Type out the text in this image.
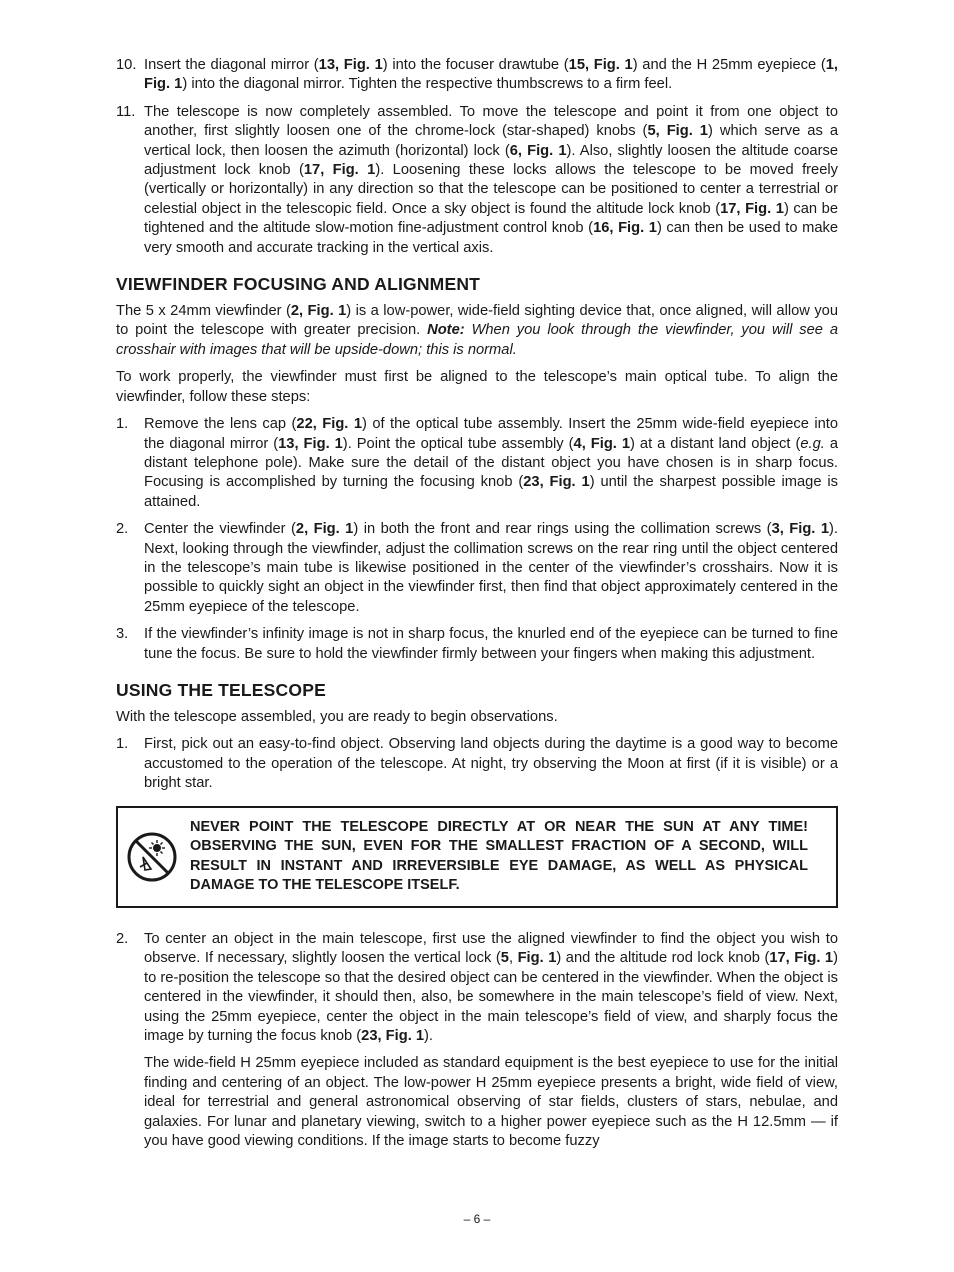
10. Insert the diagonal mirror (13, Fig. 1) into the focuser drawtube (15, Fig. 1) and the H 25mm eyepiece (1, Fig. 1) into the diagonal mirror. Tighten the respective thumbscrews to a firm feel.
11. The telescope is now completely assembled. To move the telescope and point it from one object to another, first slightly loosen one of the chrome-lock (star-shaped) knobs (5, Fig. 1) which serve as a vertical lock, then loosen the azimuth (horizontal) lock (6, Fig. 1). Also, slightly loosen the altitude coarse adjustment lock knob (17, Fig. 1). Loosening these locks allows the telescope to be moved freely (vertically or horizontally) in any direction so that the telescope can be positioned to center a terrestrial or celestial object in the telescopic field. Once a sky object is found the altitude lock knob (17, Fig. 1) can be tightened and the altitude slow-motion fine-adjustment control knob (16, Fig. 1) can then be used to make very smooth and accurate tracking in the vertical axis.
VIEWFINDER FOCUSING AND ALIGNMENT

The 5 x 24mm viewfinder (2, Fig. 1) is a low-power, wide-field sighting device that, once aligned, will allow you to point the telescope with greater precision. Note: When you look through the viewfinder, you will see a crosshair with images that will be upside-down; this is normal.

To work properly, the viewfinder must first be aligned to the telescope’s main optical tube. To align the viewfinder, follow these steps:

1.	Remove the lens cap (22, Fig. 1) of the optical tube assembly. Insert the 25mm wide-field eyepiece into the diagonal mirror (13, Fig. 1). Point the optical tube assembly (4, Fig. 1) at a distant land object (e.g. a distant telephone pole). Make sure the detail of the distant object you have chosen is in sharp focus. Focusing is accomplished by turning the focusing knob (23, Fig. 1) until the sharpest possible image is attained.
2.	Center the viewfinder (2, Fig. 1) in both the front and rear rings using the collimation screws (3, Fig. 1). Next, looking through the viewfinder, adjust the collimation screws on the rear ring until the object centered in the telescope’s main tube is likewise positioned in the center of the viewfinder’s crosshairs. Now it is possible to quickly sight an object in the viewfinder first, then find that object approximately centered in the 25mm eyepiece of the telescope.
3.	If the viewfinder’s infinity image is not in sharp focus, the knurled end of the eyepiece can be turned to fine tune the focus. Be sure to hold the viewfinder firmly between your fingers when making this adjustment.
USING THE TELESCOPE

With the telescope assembled, you are ready to begin observations.

1.	First, pick out an easy-to-find object. Observing land objects during the daytime is a good way to become accustomed to the operation of the telescope. At night, try observing the Moon at first (if it is visible) or a bright star.
NEVER POINT THE TELESCOPE DIRECTLY AT OR NEAR THE SUN AT ANY TIME! OBSERVING THE SUN, EVEN FOR THE SMALLEST FRACTION OF A SECOND, WILL RESULT IN INSTANT AND IRREVERSIBLE EYE DAMAGE, AS WELL AS PHYSICAL DAMAGE TO THE TELESCOPE ITSELF.
2.	To center an object in the main telescope, first use the aligned viewfinder to find the object you wish to observe. If necessary, slightly loosen the vertical lock (5, Fig. 1) and the altitude rod lock knob (17, Fig. 1) to re-position the telescope so that the desired object can be centered in the viewfinder. When the object is centered in the viewfinder, it should then, also, be somewhere in the main telescope’s field of view. Next, using the 25mm eyepiece, center the object in the main telescope’s field of view, and sharply focus the image by turning the focus knob (23, Fig. 1).

The wide-field H 25mm eyepiece included as standard equipment is the best eyepiece to use for the initial finding and centering of an object. The low-power H 25mm eyepiece presents a bright, wide field of view, ideal for terrestrial and general astronomical observing of star fields, clusters of stars, nebulae, and galaxies. For lunar and planetary viewing, switch to a higher power eyepiece such as the H 12.5mm — if you have good viewing conditions. If the image starts to become fuzzy

– 6 –
